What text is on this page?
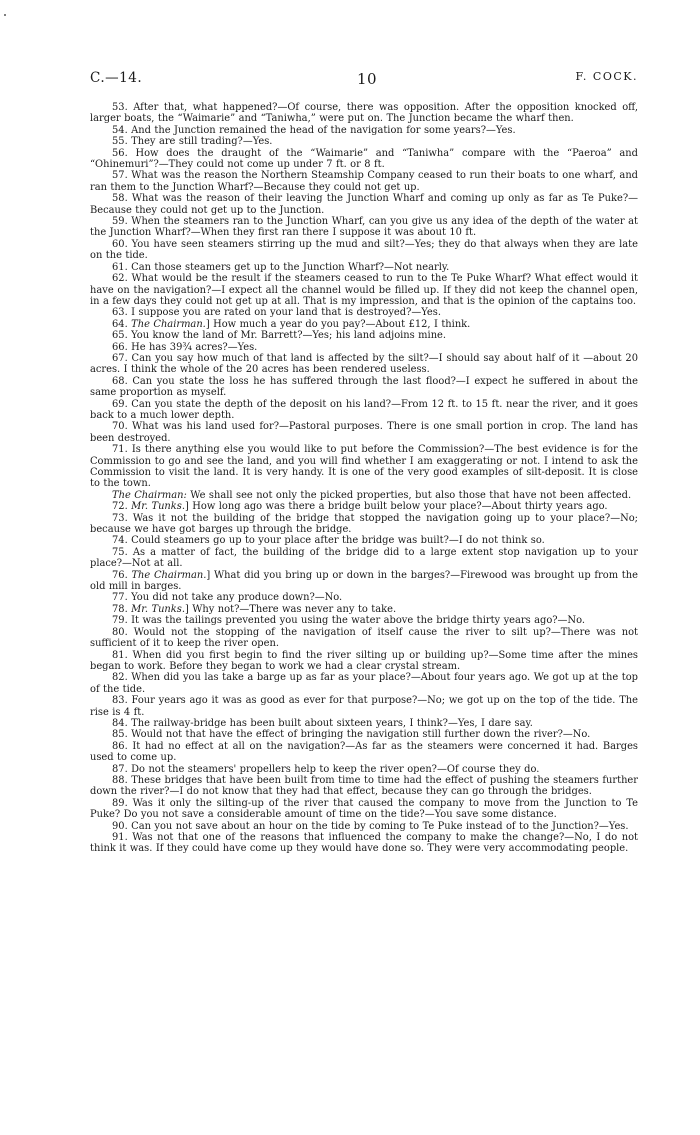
C.—14.	10	F. COCK.

53. After that, what happened?—Of course, there was opposition. After the opposition knocked off, larger boats, the “Waimarie” and “Taniwha,” were put on. The Junction became the wharf then.

54. And the Junction remained the head of the navigation for some years?—Yes.

55. They are still trading?—Yes.

56. How does the draught of the “Waimarie” and “Taniwha” compare with the “Paeroa” and “Ohinemuri”?—They could not come up under 7 ft. or 8 ft.

57. What was the reason the Northern Steamship Company ceased to run their boats to one wharf, and ran them to the Junction Wharf?—Because they could not get up.

58. What was the reason of their leaving the Junction Wharf and coming up only as far as Te Puke?—Because they could not get up to the Junction.

59. When the steamers ran to the Junction Wharf, can you give us any idea of the depth of the water at the Junction Wharf?—When they first ran there I suppose it was about 10 ft.

60. You have seen steamers stirring up the mud and silt?—Yes; they do that always when they are late on the tide.

61. Can those steamers get up to the Junction Wharf?—Not nearly.

62. What would be the result if the steamers ceased to run to the Te Puke Wharf? What effect would it have on the navigation?—I expect all the channel would be filled up. If they did not keep the channel open, in a few days they could not get up at all. That is my impression, and that is the opinion of the captains too.

63. I suppose you are rated on your land that is destroyed?—Yes.

64. The Chairman.] How much a year do you pay?—About £12, I think.

65. You know the land of Mr. Barrett?—Yes; his land adjoins mine.

66. He has 39¾ acres?—Yes.

67. Can you say how much of that land is affected by the silt?—I should say about half of it —about 20 acres. I think the whole of the 20 acres has been rendered useless.

68. Can you state the loss he has suffered through the last flood?—I expect he suffered in about the same proportion as myself.

69. Can you state the depth of the deposit on his land?—From 12 ft. to 15 ft. near the river, and it goes back to a much lower depth.

70. What was his land used for?—Pastoral purposes. There is one small portion in crop. The land has been destroyed.

71. Is there anything else you would like to put before the Commission?—The best evidence is for the Commission to go and see the land, and you will find whether I am exaggerating or not. I intend to ask the Commission to visit the land. It is very handy. It is one of the very good examples of silt-deposit. It is close to the town.

The Chairman: We shall see not only the picked properties, but also those that have not been affected.

72. Mr. Tunks.] How long ago was there a bridge built below your place?—About thirty years ago.

73. Was it not the building of the bridge that stopped the navigation going up to your place?—No; because we have got barges up through the bridge.

74. Could steamers go up to your place after the bridge was built?—I do not think so.

75. As a matter of fact, the building of the bridge did to a large extent stop navigation up to your place?—Not at all.

76. The Chairman.] What did you bring up or down in the barges?—Firewood was brought up from the old mill in barges.

77. You did not take any produce down?—No.

78. Mr. Tunks.] Why not?—There was never any to take.

79. It was the tailings prevented you using the water above the bridge thirty years ago?—No.

80. Would not the stopping of the navigation of itself cause the river to silt up?—There was not sufficient of it to keep the river open.

81. When did you first begin to find the river silting up or building up?—Some time after the mines began to work. Before they began to work we had a clear crystal stream.

82. When did you las take a barge up as far as your place?—About four years ago. We got up at the top of the tide.

83. Four years ago it was as good as ever for that purpose?—No; we got up on the top of the tide. The rise is 4 ft.

84. The railway-bridge has been built about sixteen years, I think?—Yes, I dare say.

85. Would not that have the effect of bringing the navigation still further down the river?—No.

86. It had no effect at all on the navigation?—As far as the steamers were concerned it had. Barges used to come up.

87. Do not the steamers' propellers help to keep the river open?—Of course they do.

88. These bridges that have been built from time to time had the effect of pushing the steamers further down the river?—I do not know that they had that effect, because they can go through the bridges.

89. Was it only the silting-up of the river that caused the company to move from the Junction to Te Puke? Do you not save a considerable amount of time on the tide?—You save some distance.

90. Can you not save about an hour on the tide by coming to Te Puke instead of to the Junction?—Yes.

91. Was not that one of the reasons that influenced the company to make the change?—No, I do not think it was. If they could have come up they would have done so. They were very accommodating people.
